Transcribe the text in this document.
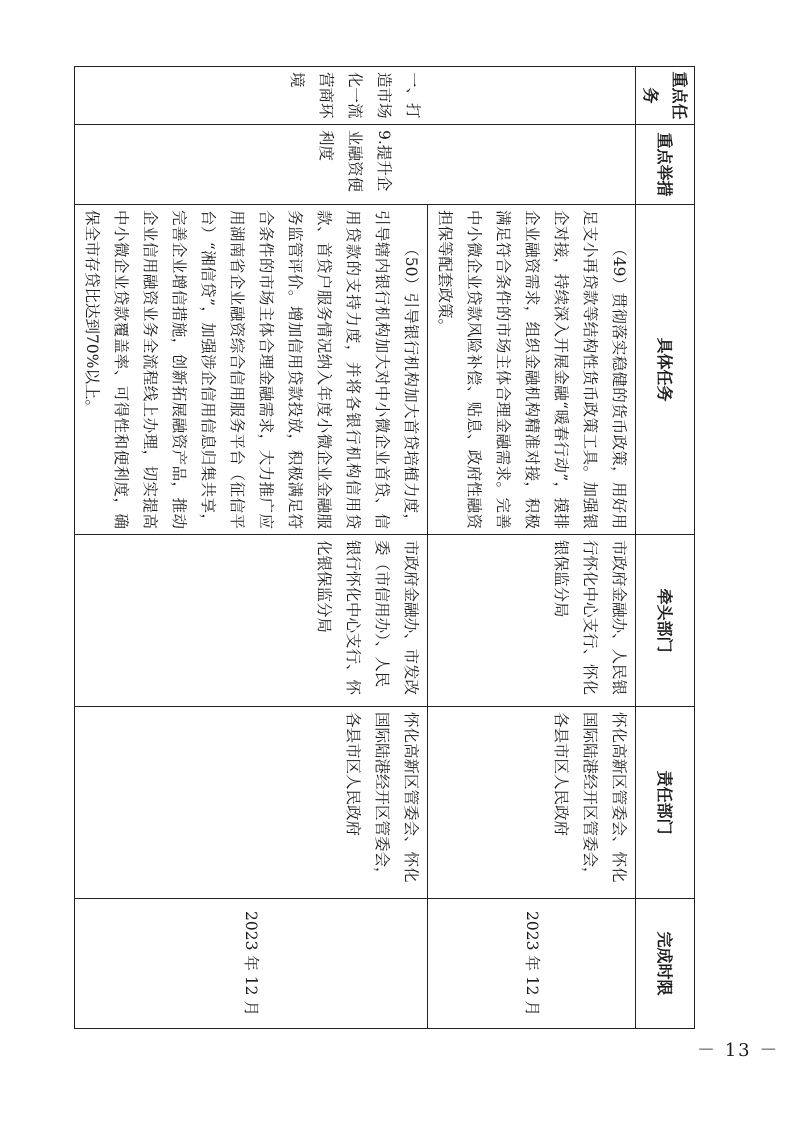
重点任务	重点举措	具体任务	牵头部门	责任部门	完成时限
一、打造市场化一流营商环境	9.提升企业融资便利度	（49）贯彻落实稳健的货币政策，用好用足支小再贷款等结构性货币政策工具。加强银企对接，持续深入开展金融“暖春行动”，摸排企业融资需求，组织金融机构精准对接，积极满足符合条件的市场主体合理金融需求。完善中小微企业贷款风险补偿、贴息、政府性融资担保等配套政策。	市政府金融办、人民银行怀化中心支行、怀化银保监分局	怀化高新区管委会、怀化国际陆港经开区管委会，各县市区人民政府	2023 年 12 月
		（50）引导银行机构加大首贷培植力度，引导辖内银行机构加大对中小微企业首贷、信用贷款的支持力度，并将各银行机构信用贷款、首贷户服务情况纳入年度小微企业金融服务监管评价。增加信用贷款投放，积极满足符合条件的市场主体合理金融需求，大力推广应用湖南省企业融资综合信用服务平台（征信平台）“湘信贷”，加强涉企信用信息归集共享，完善企业增信措施，创新拓展融资产品，推动企业信用融资业务全流程线上办理，切实提高中小微企业贷款覆盖率、可得性和便利度，确保全市存贷比达到70%以上。	市政府金融办、市发改委（市信用办）、人民银行怀化中心支行、怀化银保监分局	怀化高新区管委会、怀化国际陆港经开区管委会，各县市区人民政府	2023 年 12 月
－ 13 －
